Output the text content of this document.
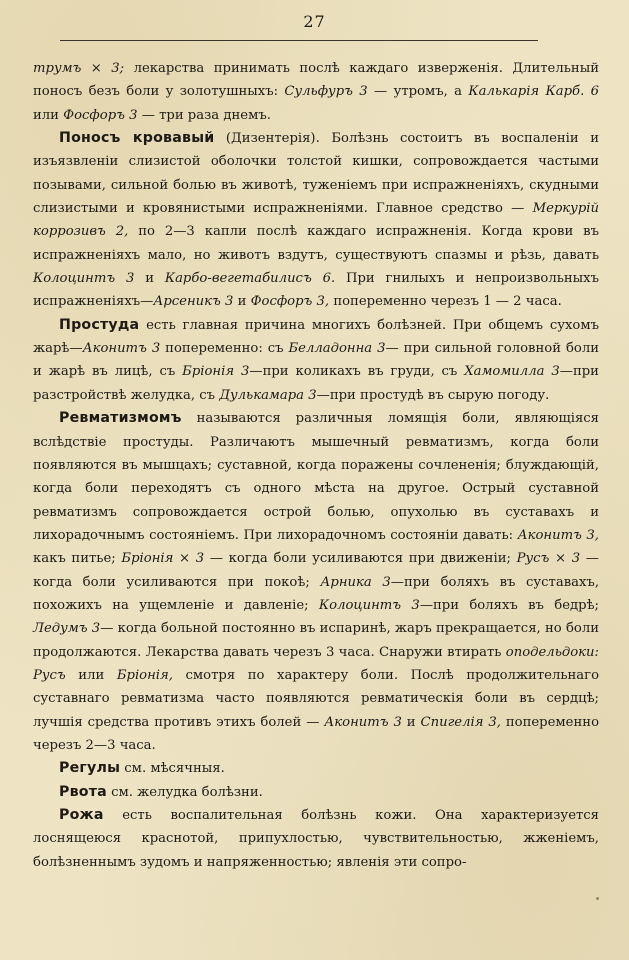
27

трумъ × 3; лекарства принимать послѣ каждаго изверженія. Длительный поносъ безъ боли у золотушныхъ: Сульфуръ 3 — утромъ, а Калькарія Карб. 6 или Фосфоръ 3 — три раза днемъ.

Поносъ кровавый (Дизентерія). Болѣзнь состоитъ въ воспаленіи и изъязвленіи слизистой оболочки толстой кишки, сопровождается частыми позывами, сильной болью въ животѣ, туженіемъ при испражненіяхъ, скудными слизистыми и кровянистыми испражненіями. Главное средство — Меркурій коррозивъ 2, по 2—3 капли послѣ каждаго испражненія. Когда крови въ испражненіяхъ мало, но животъ вздутъ, существуютъ спазмы и рѣзь, давать Колоцинтъ 3 и Карбо-вегетабилисъ 6. При гнилыхъ и непроизвольныхъ испражненіяхъ—Арсеникъ 3 и Фосфоръ 3, попеременно черезъ 1 — 2 часа.

Простуда есть главная причина многихъ болѣзней. При общемъ сухомъ жарѣ—Аконитъ 3 попеременно: съ Белладонна 3— при сильной головной боли и жарѣ въ лицѣ, съ Бріонія 3—при коликахъ въ груди, съ Хамомилла 3—при разстройствѣ желудка, съ Дулькамара 3—при простудѣ въ сырую погоду.

Ревматизмомъ называются различныя ломящія боли, являющіяся вслѣдствіе простуды. Различаютъ мышечный ревматизмъ, когда боли появляются въ мышцахъ; суставной, когда поражены сочлененія; блуждающій, когда боли переходятъ съ одного мѣста на другое. Острый суставной ревматизмъ сопровождается острой болью, опухолью въ суставахъ и лихорадочнымъ состояніемъ. При лихорадочномъ состояніи давать: Аконитъ 3, какъ питье; Бріонія × 3 — когда боли усиливаются при движеніи; Русъ × 3 — когда боли усиливаются при покоѣ; Арника 3—при боляхъ въ суставахъ, похожихъ на ущемленіе и давленіе; Колоцинтъ 3—при боляхъ въ бедрѣ; Ледумъ 3— когда больной постоянно въ испаринѣ, жаръ прекращается, но боли продолжаются. Лекарства давать черезъ 3 часа. Снаружи втирать оподельдоки: Русъ или Бріонія, смотря по характеру боли. Послѣ продолжительнаго суставнаго ревматизма часто появляются ревматическія боли въ сердцѣ; лучшія средства противъ этихъ болей — Аконитъ 3 и Спигелія 3, попеременно черезъ 2—3 часа.

Регулы см. мѣсячныя.

Рвота см. желудка болѣзни.

Рожа есть воспалительная болѣзнь кожи. Она характеризуется лоснящеюся краснотой, припухлостью, чувствительностью, жженіемъ, болѣзненнымъ зудомъ и напряженностью; явленія эти сопро-
